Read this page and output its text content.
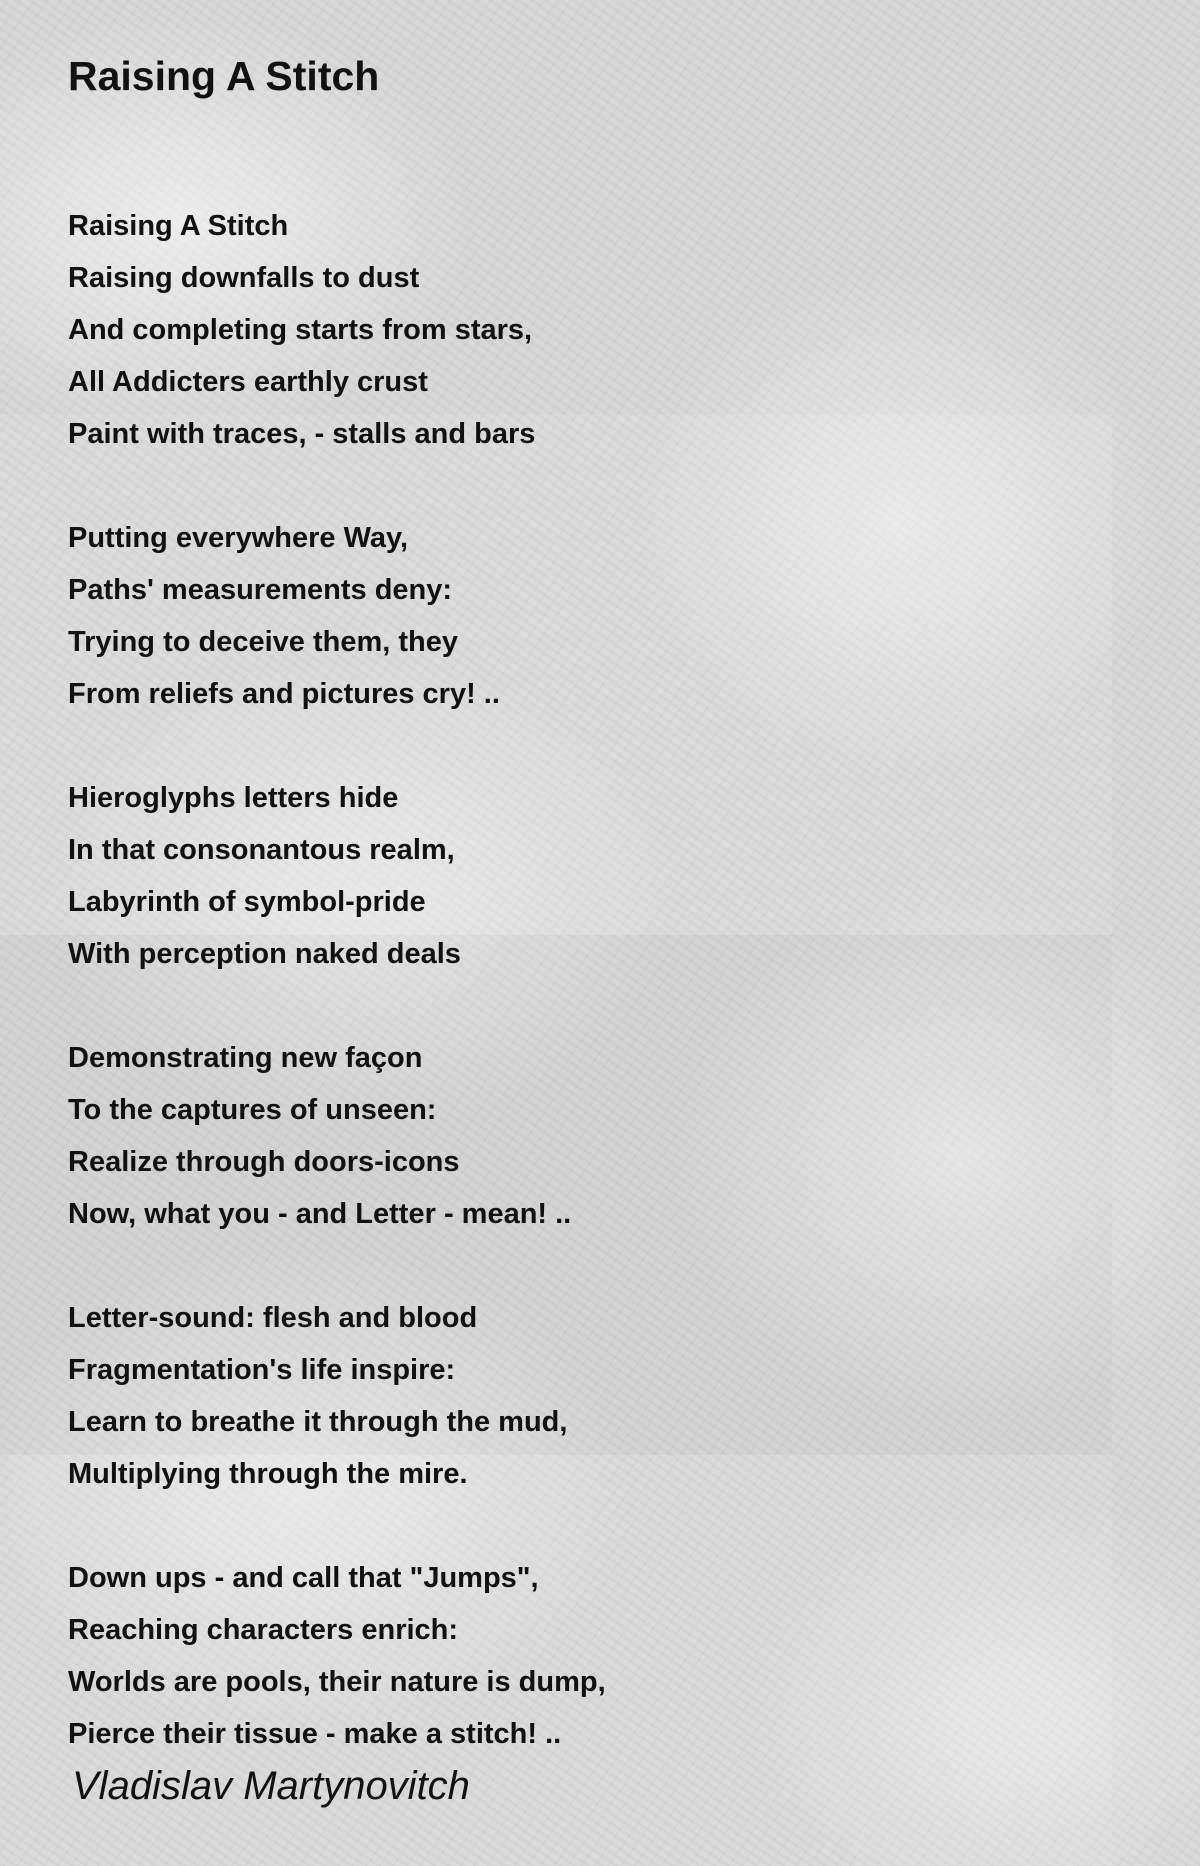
Raising A Stitch
Raising A Stitch
Raising downfalls to dust
And completing starts from stars,
All Addicters earthly crust
Paint with traces, - stalls and bars
Putting everywhere Way,
Paths' measurements deny:
Trying to deceive them, they
From reliefs and pictures cry! ..
Hieroglyphs letters hide
In that consonantous realm,
Labyrinth of symbol-pride
With perception naked deals
Demonstrating new façon
To the captures of unseen:
Realize through doors-icons
Now, what you - and Letter - mean! ..
Letter-sound: flesh and blood
Fragmentation's life inspire:
Learn to breathe it through the mud,
Multiplying through the mire.
Down ups - and call that "Jumps",
Reaching characters enrich:
Worlds are pools, their nature is dump,
Pierce their tissue - make a stitch! ..
Vladislav Martynovitch
